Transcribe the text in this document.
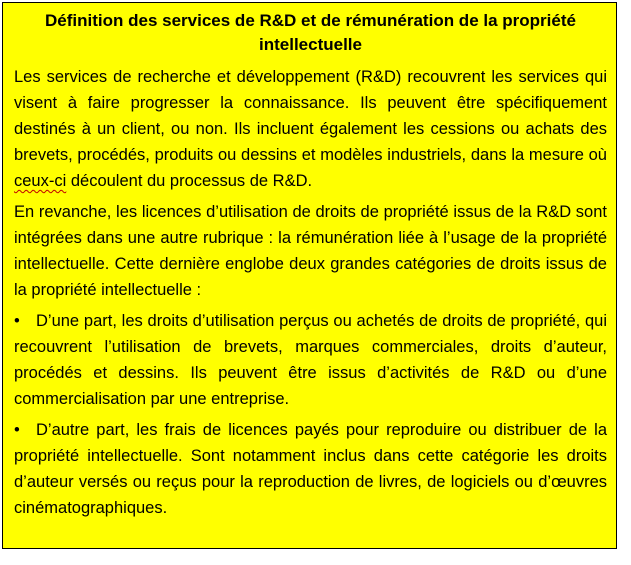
Définition des services de R&D et de rémunération de la propriété intellectuelle
Les services de recherche et développement (R&D) recouvrent les services qui visent à faire progresser la connaissance. Ils peuvent être spécifiquement destinés à un client, ou non. Ils incluent également les cessions ou achats des brevets, procédés, produits ou dessins et modèles industriels, dans la mesure où ceux-ci découlent du processus de R&D.
En revanche, les licences d’utilisation de droits de propriété issus de la R&D sont intégrées dans une autre rubrique : la rémunération liée à l’usage de la propriété intellectuelle. Cette dernière englobe deux grandes catégories de droits issus de la propriété intellectuelle :
• D’une part, les droits d’utilisation perçus ou achetés de droits de propriété, qui recouvrent l’utilisation de brevets, marques commerciales, droits d’auteur, procédés et dessins. Ils peuvent être issus d’activités de R&D ou d’une commercialisation par une entreprise.
• D’autre part, les frais de licences payés pour reproduire ou distribuer de la propriété intellectuelle. Sont notamment inclus dans cette catégorie les droits d’auteur versés ou reçus pour la reproduction de livres, de logiciels ou d’œuvres cinématographiques.
